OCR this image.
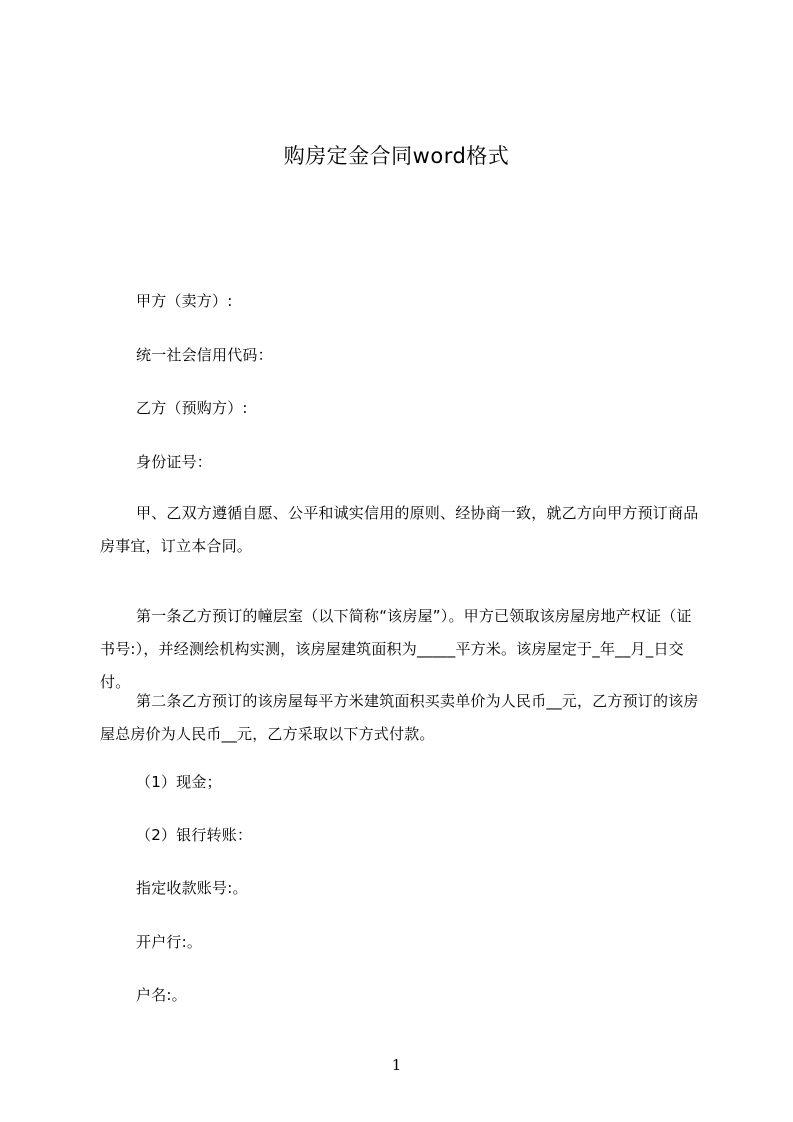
购房定金合同word格式
甲方（卖方）:
统一社会信用代码：
乙方（预购方）:
身份证号：
甲、乙双方遵循自愿、公平和诚实信用的原则、经协商一致，就乙方向甲方预订商品房事宜，订立本合同。
第一条乙方预订的幢层室（以下简称“该房屋”）。甲方已领取该房屋房地产权证（证书号:），并经测绘机构实测，该房屋建筑面积为_____平方米。该房屋定于_年__月_日交付。
第二条乙方预订的该房屋每平方米建筑面积买卖单价为人民币__元，乙方预订的该房屋总房价为人民币__元，乙方采取以下方式付款。
（1）现金；
（2）银行转账：
指定收款账号:。
开户行:。
户名:。
1
